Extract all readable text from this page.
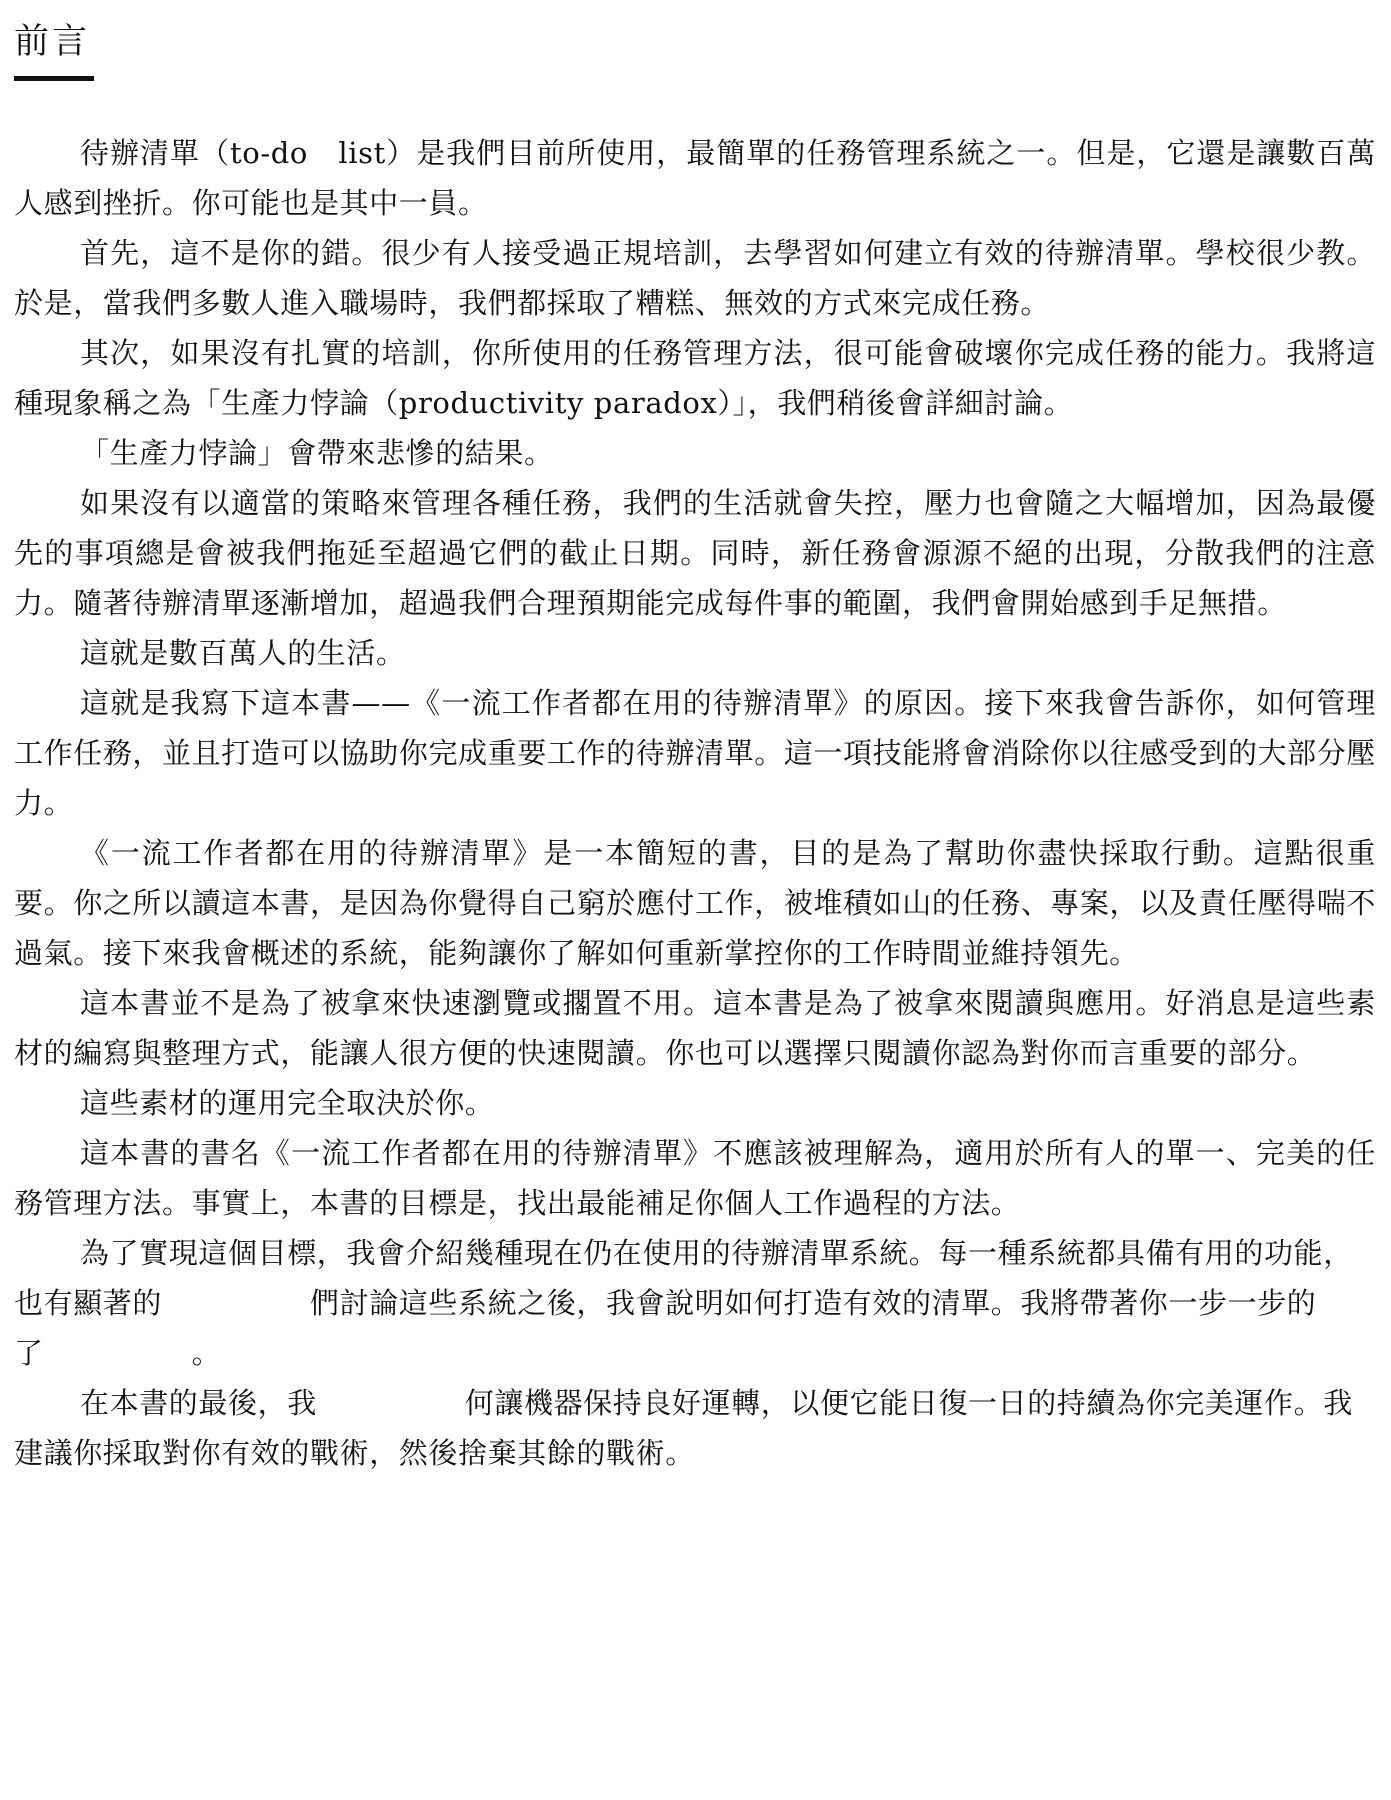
前言

待辦清單（to-do　list）是我們目前所使用，最簡單的任務管理系統之一。但是，它還是讓數百萬人感到挫折。你可能也是其中一員。

首先，這不是你的錯。很少有人接受過正規培訓，去學習如何建立有效的待辦清單。學校很少教。於是，當我們多數人進入職場時，我們都採取了糟糕、無效的方式來完成任務。

其次，如果沒有扎實的培訓，你所使用的任務管理方法，很可能會破壞你完成任務的能力。我將這種現象稱之為「生產力悖論（productivity paradox）」，我們稍後會詳細討論。

「生產力悖論」會帶來悲慘的結果。

如果沒有以適當的策略來管理各種任務，我們的生活就會失控，壓力也會隨之大幅增加，因為最優先的事項總是會被我們拖延至超過它們的截止日期。同時，新任務會源源不絕的出現，分散我們的注意力。隨著待辦清單逐漸增加，超過我們合理預期能完成每件事的範圍，我們會開始感到手足無措。

這就是數百萬人的生活。

這就是我寫下這本書——《一流工作者都在用的待辦清單》的原因。接下來我會告訴你，如何管理工作任務，並且打造可以協助你完成重要工作的待辦清單。這一項技能將會消除你以往感受到的大部分壓力。

《一流工作者都在用的待辦清單》是一本簡短的書，目的是為了幫助你盡快採取行動。這點很重要。你之所以讀這本書，是因為你覺得自己窮於應付工作，被堆積如山的任務、專案，以及責任壓得喘不過氣。接下來我會概述的系統，能夠讓你了解如何重新掌控你的工作時間並維持領先。

這本書並不是為了被拿來快速瀏覽或擱置不用。這本書是為了被拿來閱讀與應用。好消息是這些素材的編寫與整理方式，能讓人很方便的快速閱讀。你也可以選擇只閱讀你認為對你而言重要的部分。

這些素材的運用完全取決於你。

這本書的書名《一流工作者都在用的待辦清單》不應該被理解為，適用於所有人的單一、完美的任務管理方法。事實上，本書的目標是，找出最能補足你個人工作過程的方法。

為了實現這個目標，我會介紹幾種現在仍在使用的待辦清單系統。每一種系統都具備有用的功能，也有顯著的　　　　　們討論這些系統之後，我會說明如何打造有效的清單。我將帶著你一步一步的了　　　　　。

在本書的最後，我　　　　　何讓機器保持良好運轉，以便它能日復一日的持續為你完美運作。我建議你採取對你有效的戰術，然後捨棄其餘的戰術。
